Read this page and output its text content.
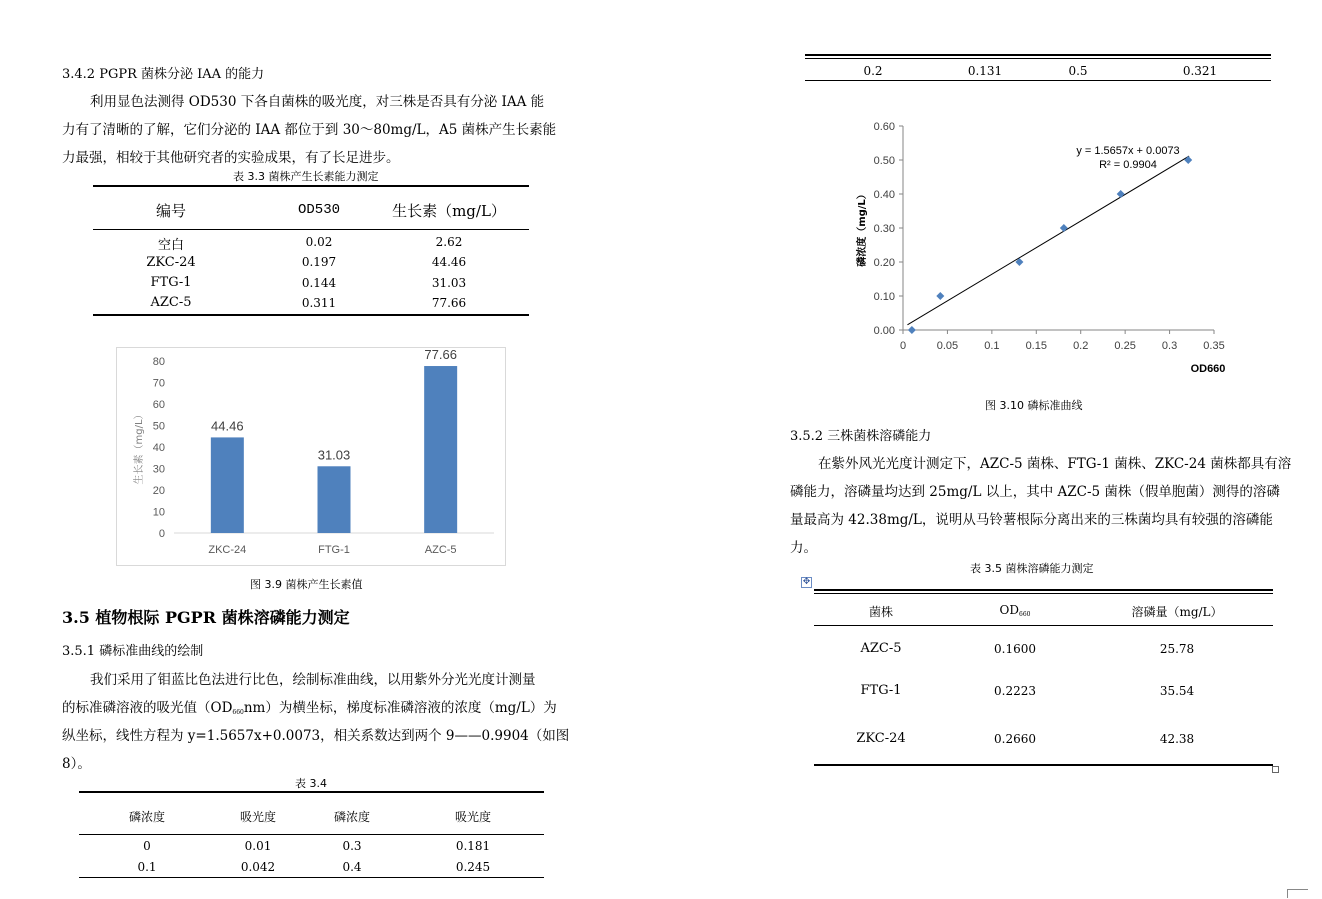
3.4.2 PGPR 菌株分泌 IAA 的能力
利用显色法测得 OD530 下各自菌株的吸光度，对三株是否具有分泌 IAA 能
力有了清晰的了解，它们分泌的 IAA 都位于到 30～80mg/L，A5 菌株产生长素能
力最强，相较于其他研究者的实验成果，有了长足进步。
表 3.3 菌株产生长素能力测定
编号	OD530	生长素（mg/L）
空白	0.02	2.62
ZKC-24	0.197	44.46
FTG-1	0.144	31.03
AZC-5	0.311	77.66
0
10
20
30
40
50
60
70
80
44.46
ZKC-24
31.03
FTG-1
77.66
AZC-5
生长素（mg/L）
图 3.9 菌株产生长素值
3.5 植物根际 PGPR 菌株溶磷能力测定
3.5.1 磷标准曲线的绘制
我们采用了钼蓝比色法进行比色，绘制标准曲线，以用紫外分光光度计测量
的标准磷溶液的吸光值$(OD_{660}nm)$为横坐标，梯度标准磷溶液的浓度（mg/L）为
纵坐标，线性方程为 y=1.5657x+0.0073，相关系数达到两个 9——0.9904（如图
8）。
表 3.4
磷浓度	吸光度	磷浓度	吸光度
0	0.01	0.3	0.181
0.1	0.042	0.4	0.245
0.2	0.131	0.5	0.321
0.00
0.10
0.20
0.30
0.40
0.50
0.60
0	0.05 0.1 0.15 0.2 0.25 0.3 0.35
y = 1.5657x + 0.0073
R² = 0.9904
OD660
磷浓度（mg/L）
图 3.10 磷标准曲线
3.5.2 三株菌株溶磷能力
在紫外风光光度计测定下，AZC-5 菌株、FTG-1 菌株、ZKC-24 菌株都具有溶
磷能力，溶磷量均达到 25mg/L 以上，其中 AZC-5 菌株（假单胞菌）测得的溶磷
量最高为 42.38mg/L，说明从马铃薯根际分离出来的三株菌均具有较强的溶磷能
力。
表 3.5 菌株溶磷能力测定
✥
菌株	$OD_{660}$	溶磷量（mg/L）
AZC-5	0.1600	25.78
FTG-1	0.2223	35.54
ZKC-24	0.2660	42.38
